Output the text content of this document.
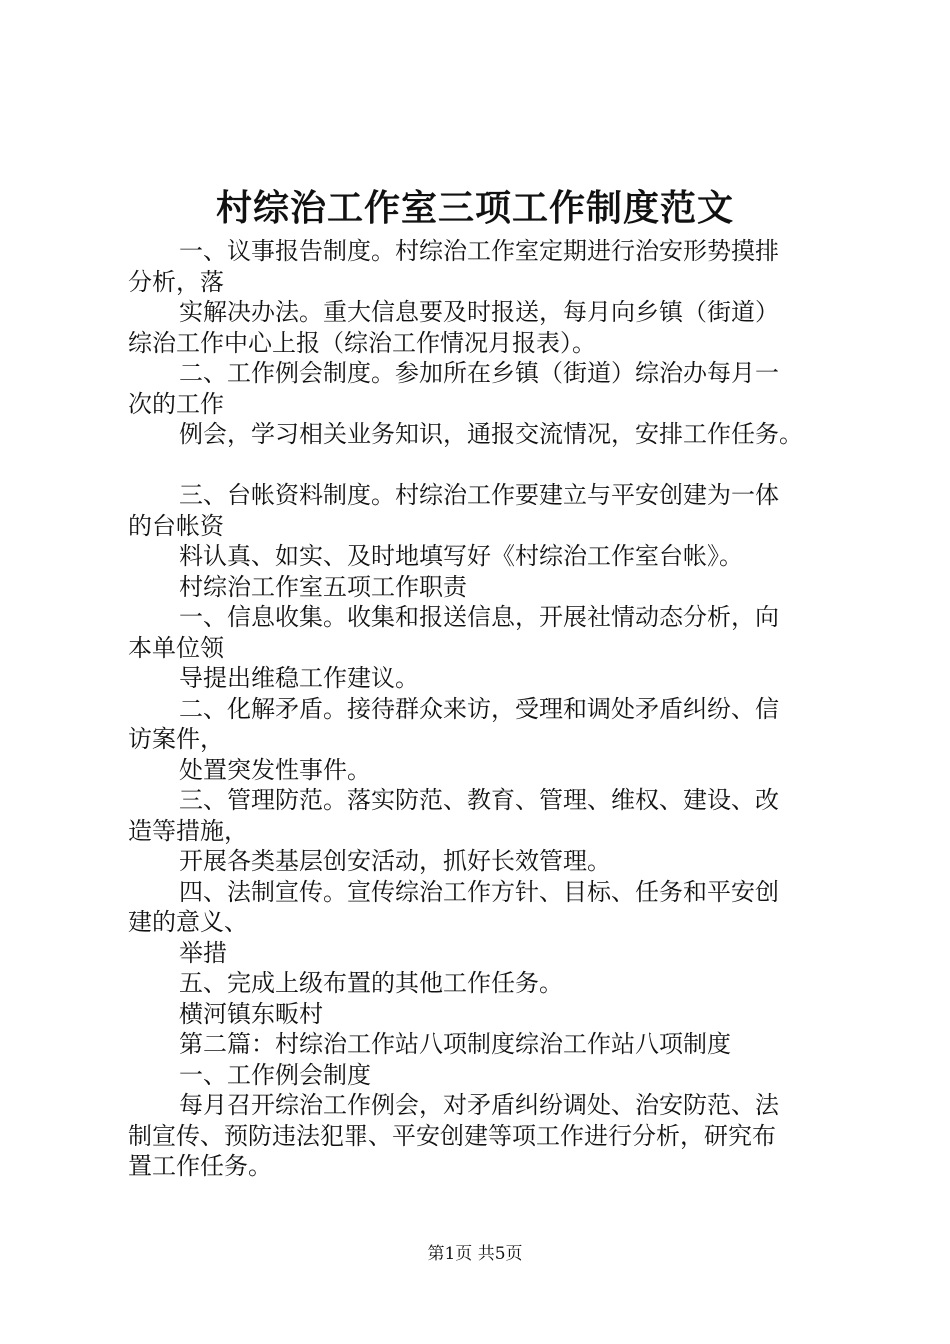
村综治工作室三项工作制度范文
一、议事报告制度。村综治工作室定期进行治安形势摸排
分析，落
实解决办法。重大信息要及时报送，每月向乡镇（街道）
综治工作中心上报（综治工作情况月报表）。
二、工作例会制度。参加所在乡镇（街道）综治办每月一
次的工作
例会，学习相关业务知识，通报交流情况，安排工作任务。
三、台帐资料制度。村综治工作要建立与平安创建为一体
的台帐资
料认真、如实、及时地填写好《村综治工作室台帐》。
村综治工作室五项工作职责
一、信息收集。收集和报送信息，开展社情动态分析，向
本单位领
导提出维稳工作建议。
二、化解矛盾。接待群众来访，受理和调处矛盾纠纷、信
访案件，
处置突发性事件。
三、管理防范。落实防范、教育、管理、维权、建设、改
造等措施，
开展各类基层创安活动，抓好长效管理。
四、法制宣传。宣传综治工作方针、目标、任务和平安创
建的意义、
举措
五、完成上级布置的其他工作任务。
横河镇东畈村
第二篇：村综治工作站八项制度综治工作站八项制度
一、工作例会制度
每月召开综治工作例会，对矛盾纠纷调处、治安防范、法
制宣传、预防违法犯罪、平安创建等项工作进行分析，研究布
置工作任务。
第1页 共5页
